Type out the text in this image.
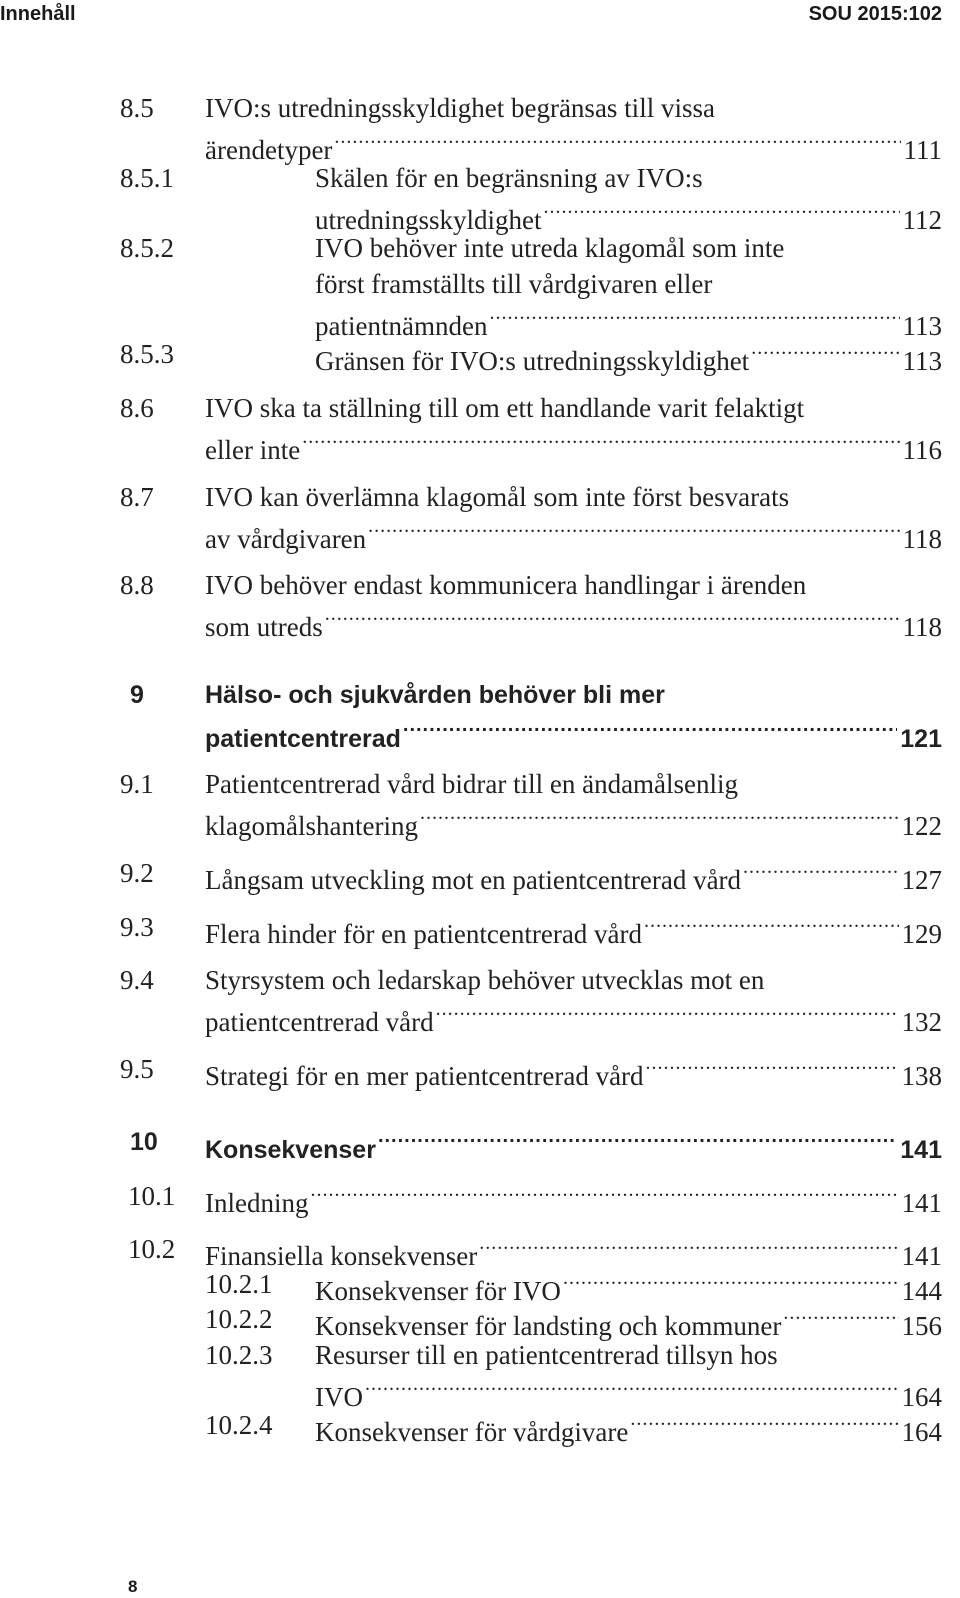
Innehåll	SOU 2015:102
8.5 IVO:s utredningsskyldighet begränsas till vissa
ärendetyper .....	111
8.5.1	Skälen för en begränsning av IVO:s
utredningsskyldighet .....	112
8.5.2	IVO behöver inte utreda klagomål som inte
först framställts till vårdgivaren eller
patientnämnden .....	113
8.5.3	Gränsen för IVO:s utredningsskyldighet .....	113
8.6 IVO ska ta ställning till om ett handlande varit felaktigt
eller inte .....	116
8.7 IVO kan överlämna klagomål som inte först besvarats
av vårdgivaren .....	118
8.8 IVO behöver endast kommunicera handlingar i ärenden
som utreds .....	118
9 Hälso- och sjukvården behöver bli mer
patientcentrerad .....	121
9.1 Patientcentrerad vård bidrar till en ändamålsenlig
klagomålshantering .....	122
9.2 Långsam utveckling mot en patientcentrerad vård .....	127
9.3 Flera hinder för en patientcentrerad vård .....	129
9.4 Styrsystem och ledarskap behöver utvecklas mot en
patientcentrerad vård .....	132
9.5 Strategi för en mer patientcentrerad vård .....	138
10 Konsekvenser .....	141
10.1 Inledning .....	141
10.2 Finansiella konsekvenser .....	141
10.2.1 Konsekvenser för IVO .....	144
10.2.2 Konsekvenser för landsting och kommuner .....	156
10.2.3 Resurser till en patientcentrerad tillsyn hos
IVO .....	164
10.2.4 Konsekvenser för vårdgivare .....	164
8
